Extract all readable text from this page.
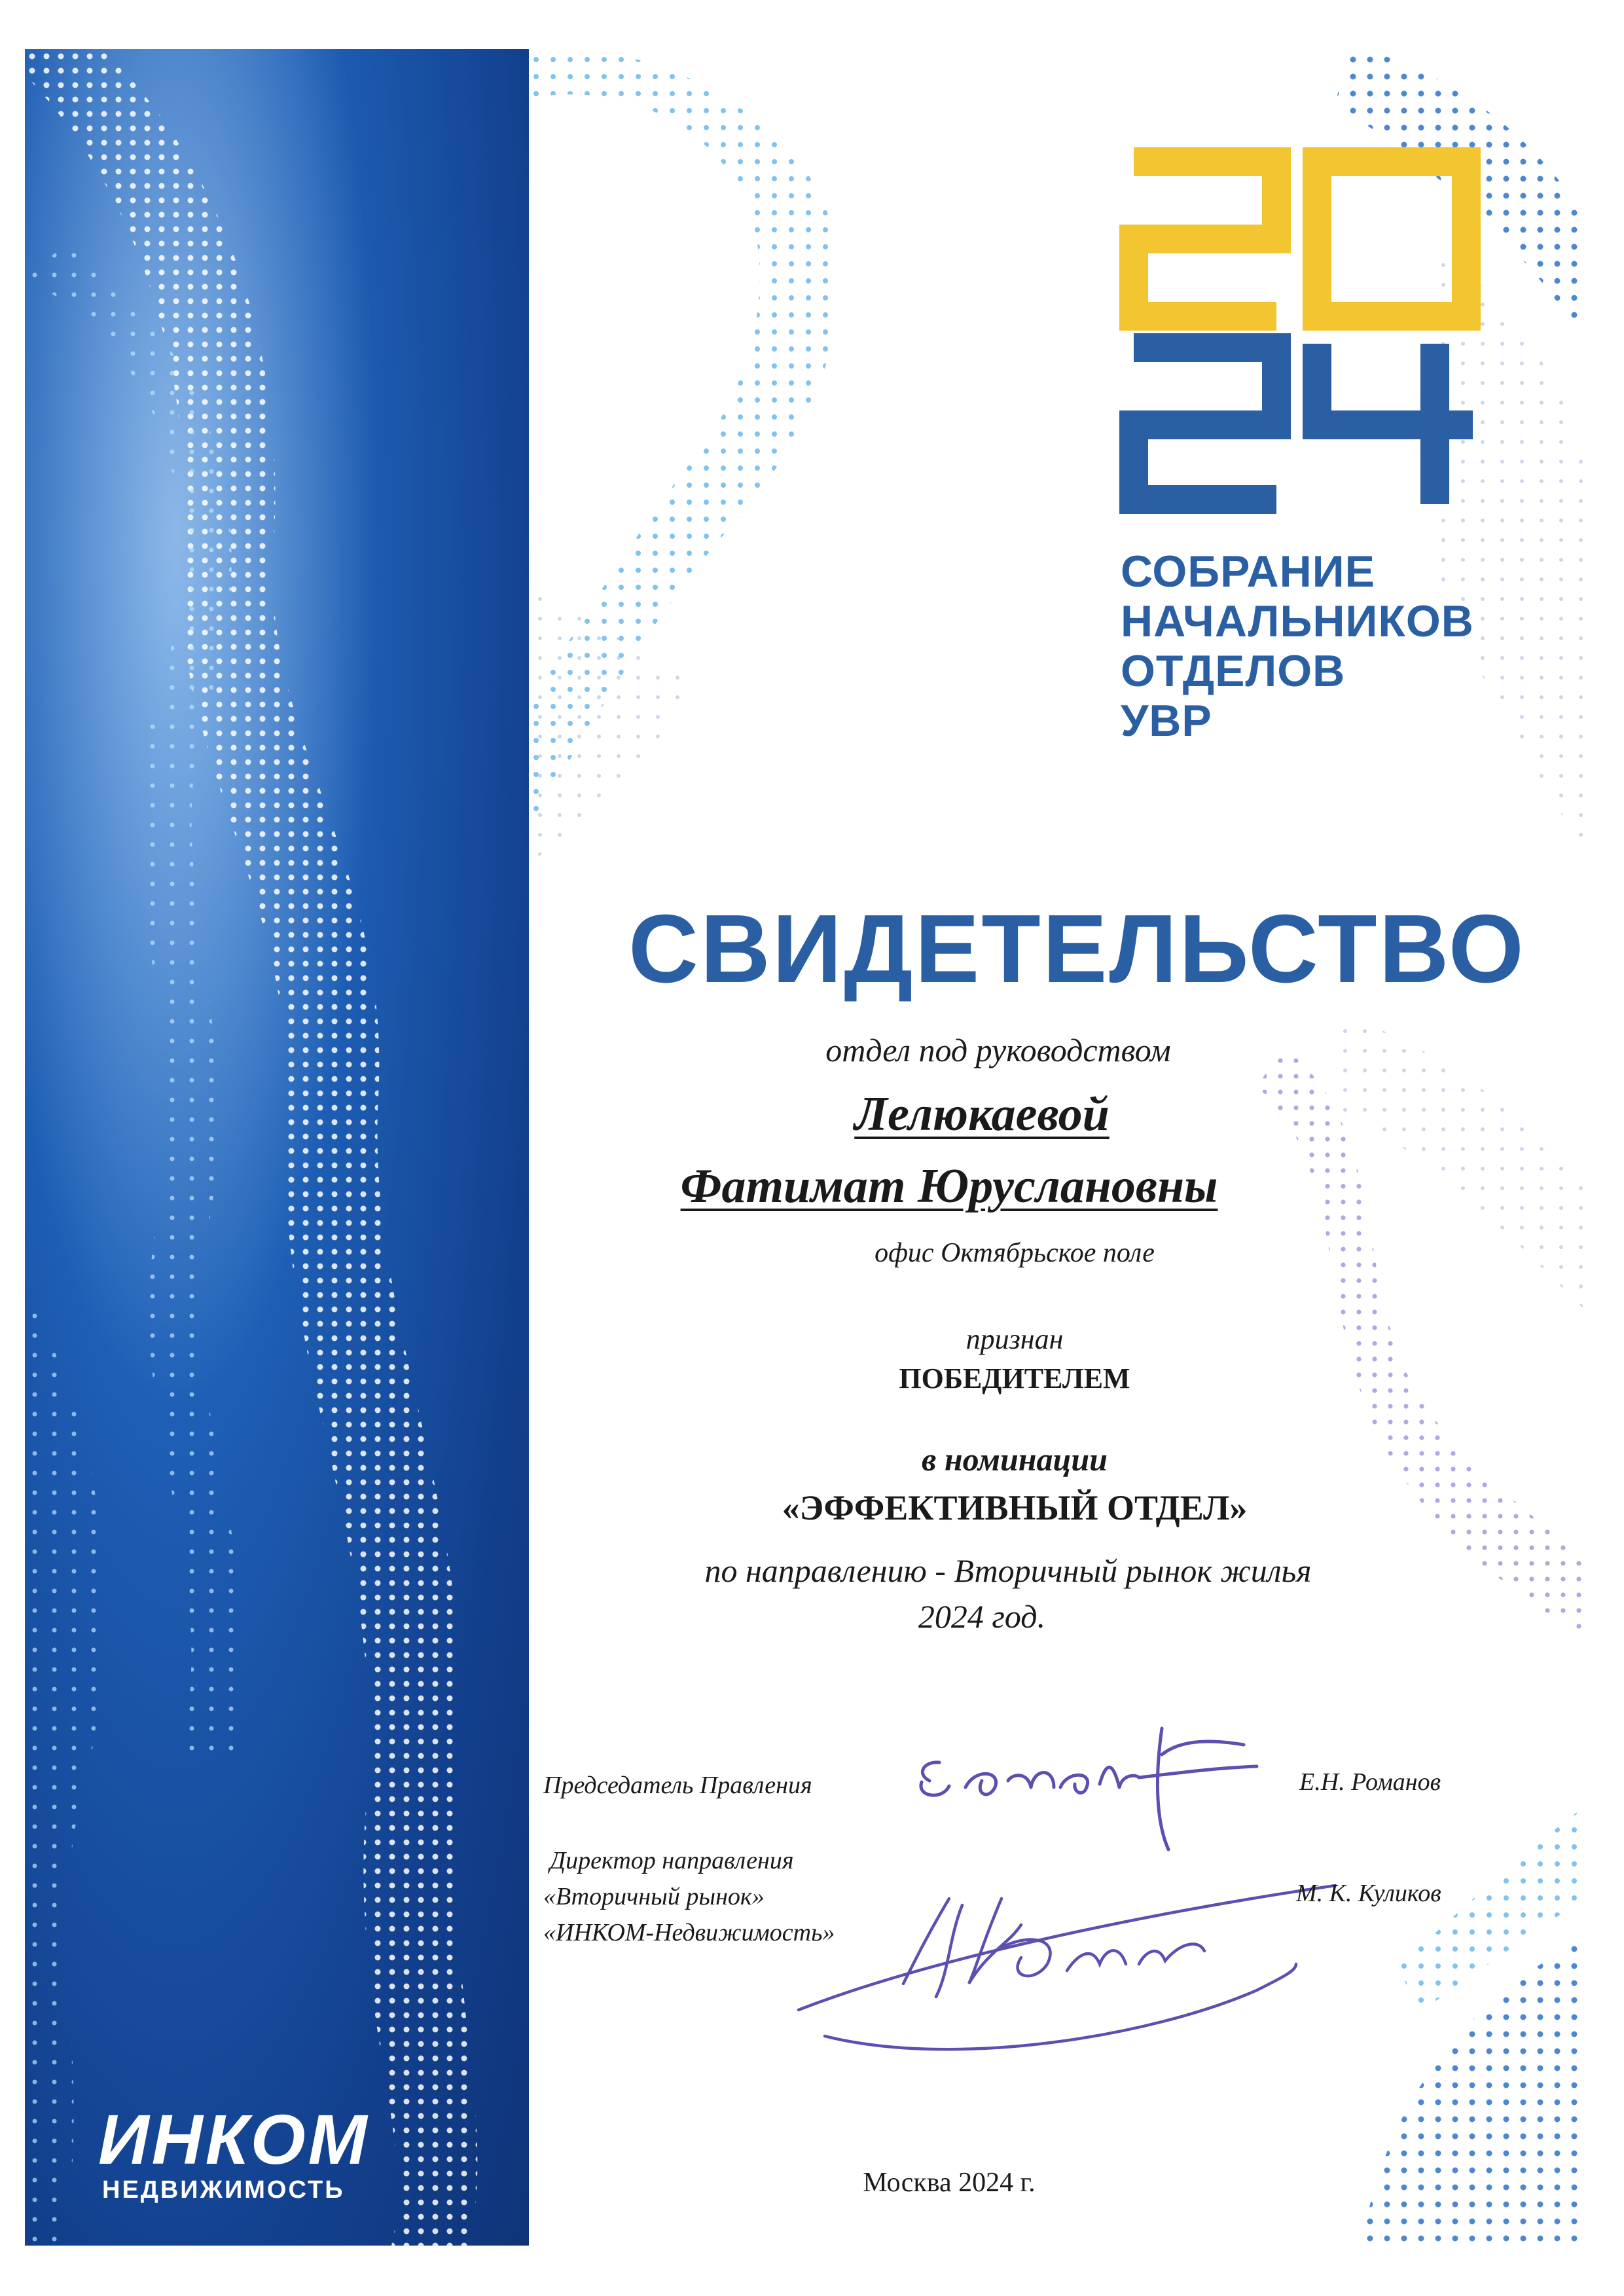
СОБРАНИЕ
НАЧАЛЬНИКОВ
ОТДЕЛОВ
УВР
СВИДЕТЕЛЬСТВО
отдел под руководством
Лелюкаевой
Фатимат Юруслановны
офис Октябрьское поле
признан
ПОБЕДИТЕЛЕМ
в номинации
«ЭФФЕКТИВНЫЙ ОТДЕЛ»
по направлению - Вторичный рынок жилья
2024 год.
Председатель Правления	Е.Н. Романов
Директор направления
«Вторичный рынок»
«ИНКОМ-Недвижимость»
М. К. Куликов
Москва 2024 г.
ИНКОМ
НЕДВИЖИМОСТЬ
